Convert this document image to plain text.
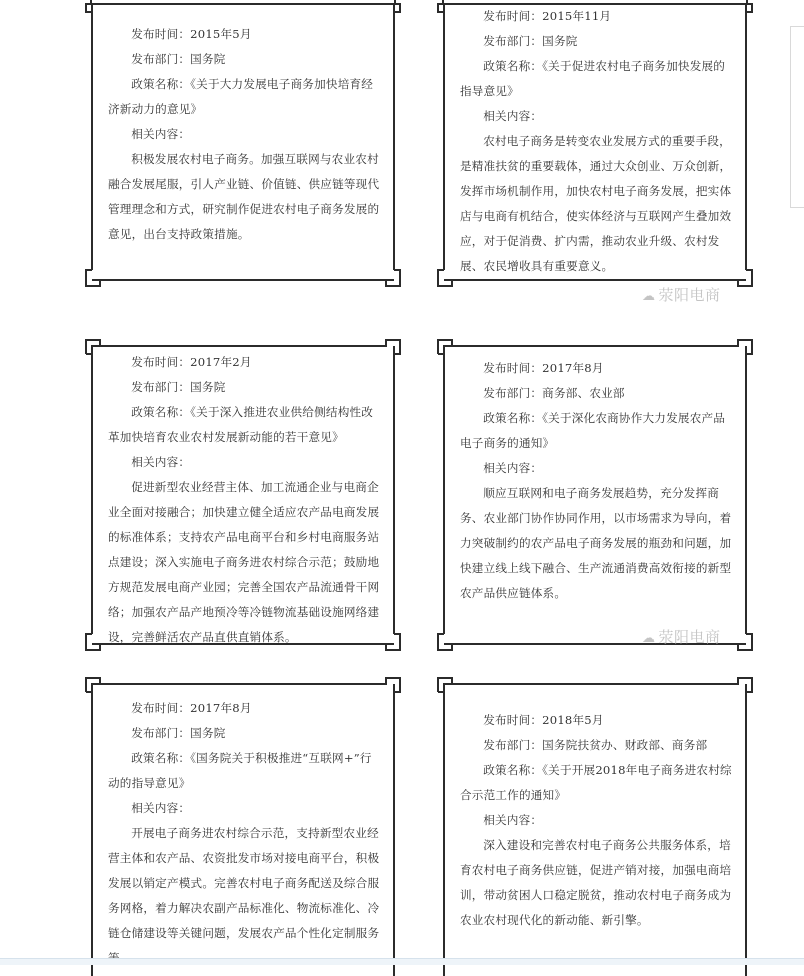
发布时间：2015年5月
发布部门：国务院
政策名称：《关于大力发展电子商务加快培育经济新动力的意见》
相关内容：
积极发展农村电子商务。加强互联网与农业农村融合发展尾服，引人产业链、价值链、供应链等现代管理理念和方式，研究制作促进农村电子商务发展的意见，出台支持政策措施。
发布时间：2015年11月
发布部门：国务院
政策名称：《关于促进农村电子商务加快发展的指导意见》
相关内容：
农村电子商务是转变农业发展方式的重要手段，是精准扶贫的重要载体，通过大众创业、万众创新，发挥市场机制作用，加快农村电子商务发展，把实体店与电商有机结合，使实体经济与互联网产生叠加效应，对于促消费、扩内需，推动农业升级、农村发展、农民增收具有重要意义。
☁ 荥阳电商
发布时间：2017年2月
发布部门：国务院
政策名称：《关于深入推进农业供给侧结构性改革加快培育农业农村发展新动能的若干意见》
相关内容：
促进新型农业经营主体、加工流通企业与电商企业全面对接融合；加快建立健全适应农产品电商发展的标准体系；支持农产品电商平台和乡村电商服务站点建设；深入实施电子商务进农村综合示范；鼓励地方规范发展电商产业园；完善全国农产品流通骨干网络；加强农产品产地预冷等冷链物流基础设施网络建设，完善鲜活农产品直供直销体系。
发布时间：2017年8月
发布部门：商务部、农业部
政策名称：《关于深化农商协作大力发展农产品电子商务的通知》
相关内容：
顺应互联网和电子商务发展趋势，充分发挥商务、农业部门协作协同作用，以市场需求为导向，着力突破制约的农产品电子商务发展的瓶劲和问题，加快建立线上线下融合、生产流通消费高效衔接的新型农产品供应链体系。
☁ 荥阳电商
发布时间：2017年8月
发布部门：国务院
政策名称：《国务院关于积极推进“互联网+”行动的指导意见》
相关内容：
开展电子商务进农村综合示范，支持新型农业经营主体和农产品、农资批发市场对接电商平台，积极发展以销定产模式。完善农村电子商务配送及综合服务网格，着力解决农副产品标准化、物流标准化、冷链仓储建设等关键问题，发展农产品个性化定制服务
发布时间：2018年5月
发布部门：国务院扶贫办、财政部、商务部
政策名称：《关于开展2018年电子商务进农村综合示范工作的通知》
相关内容：
深入建设和完善农村电子商务公共服务体系，培育农村电子商务供应链，促进产销对接，加强电商培训，带动贫困人口稳定脱贫，推动农村电子商务成为农业农村现代化的新动能、新引擎。
